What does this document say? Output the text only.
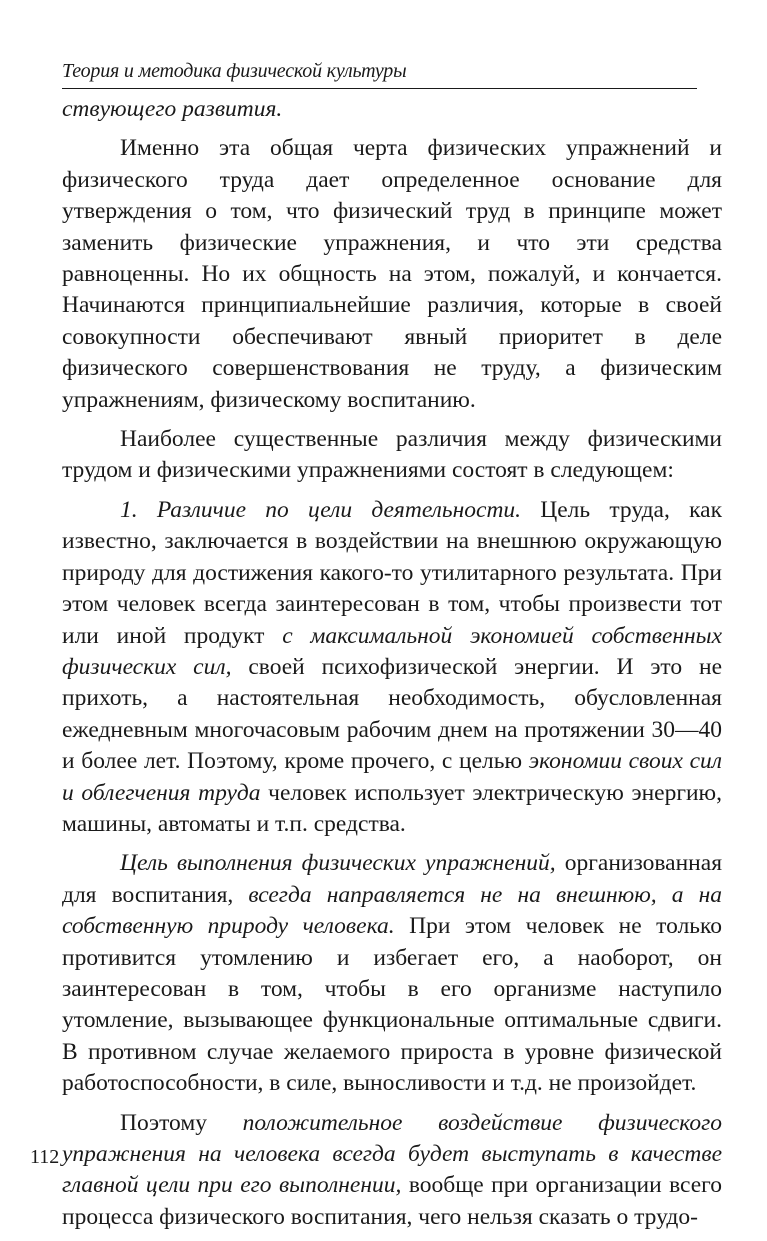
Теория и методика физической культуры

ствующего развития.

Именно эта общая черта физических упражнений и физического труда дает определенное основание для утверждения о том, что физический труд в принципе может заменить физические упражнения, и что эти средства равноценны. Но их общность на этом, пожалуй, и кончается. Начинаются принципиальнейшие различия, которые в своей совокупности обеспечивают явный приоритет в деле физического совершенствования не труду, а физическим упражнениям, физическому воспитанию.

Наиболее существенные различия между физическими трудом и физическими упражнениями состоят в следующем:

1. Различие по цели деятельности. Цель труда, как известно, заключается в воздействии на внешнюю окружающую природу для достижения какого-то утилитарного результата. При этом человек всегда заинтересован в том, чтобы произвести тот или иной продукт с максимальной экономией собственных физических сил, своей психофизической энергии. И это не прихоть, а настоятельная необходимость, обусловленная ежедневным многочасовым рабочим днем на протяжении 30—40 и более лет. Поэтому, кроме прочего, с целью экономии своих сил и облегчения труда человек использует электрическую энергию, машины, автоматы и т.п. средства.

Цель выполнения физических упражнений, организованная для воспитания, всегда направляется не на внешнюю, а на собственную природу человека. При этом человек не только противится утомлению и избегает его, а наоборот, он заинтересован в том, чтобы в его организме наступило утомление, вызывающее функциональные оптимальные сдвиги. В противном случае желаемого прироста в уровне физической работоспособности, в силе, выносливости и т.д. не произойдет.

Поэтому положительное воздействие физического упражнения на человека всегда будет выступать в качестве главной цели при его выполнении, вообще при организации всего процесса физического воспитания, чего нельзя сказать о трудо-

112
